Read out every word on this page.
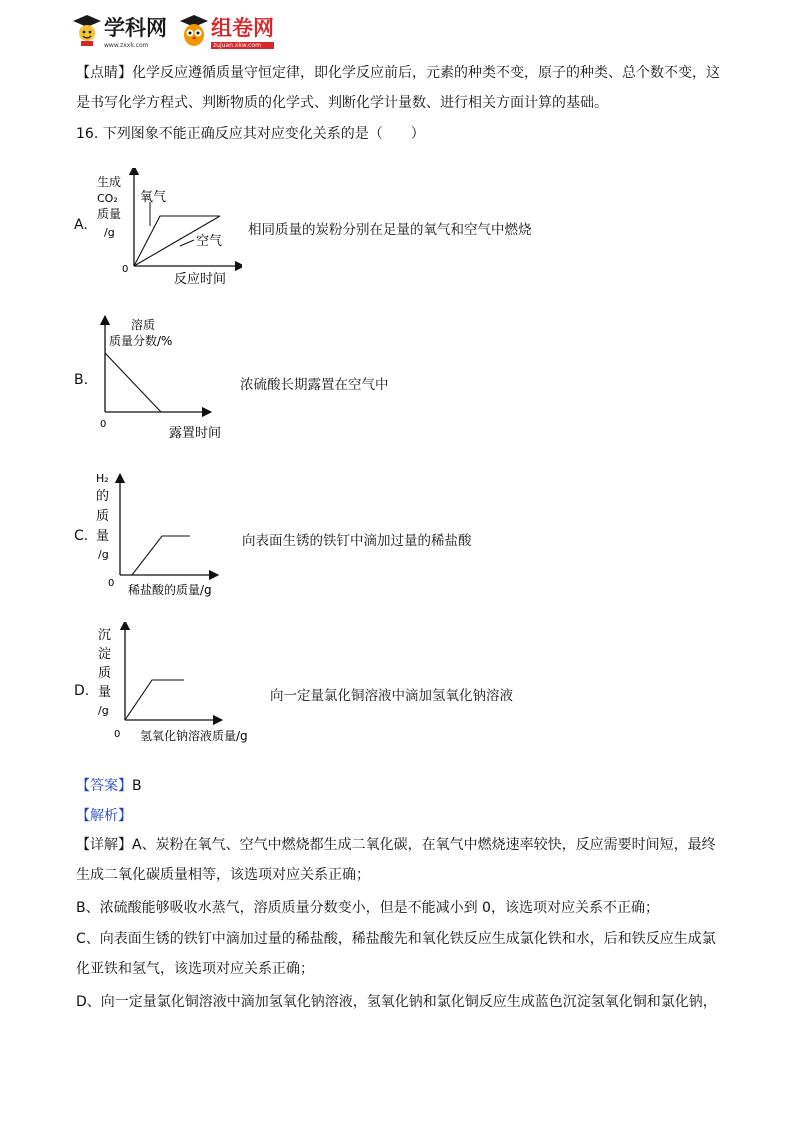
学科网
www.zxxk.com
组卷网
zujuan.xkw.com
【点睛】化学反应遵循质量守恒定律，即化学反应前后，元素的种类不变，原子的种类、总个数不变，这
是书写化学方程式、判断物质的化学式、判断化学计量数、进行相关方面计算的基础。
16. 下列图象不能正确反应其对应变化关系的是（　　）
A.
生成
CO₂
质量
/g
0
反应时间
氧气
空气
相同质量的炭粉分别在足量的氧气和空气中燃烧
B.
溶质
质量分数/%
0
露置时间
浓硫酸长期露置在空气中
C.
H₂
的
质
量
/g
0 稀盐酸的质量/g
向表面生锈的铁钉中滴加过量的稀盐酸
D.
沉
淀
质
量
/g
0 氢氧化钠溶液质量/g
向一定量氯化铜溶液中滴加氢氧化钠溶液
【答案】B
【解析】
【详解】A、炭粉在氧气、空气中燃烧都生成二氧化碳，在氧气中燃烧速率较快，反应需要时间短，最终
生成二氧化碳质量相等，该选项对应关系正确；
B、浓硫酸能够吸收水蒸气，溶质质量分数变小，但是不能减小到 0，该选项对应关系不正确；
C、向表面生锈的铁钉中滴加过量的稀盐酸，稀盐酸先和氧化铁反应生成氯化铁和水，后和铁反应生成氯
化亚铁和氢气，该选项对应关系正确；
D、向一定量氯化铜溶液中滴加氢氧化钠溶液，氢氧化钠和氯化铜反应生成蓝色沉淀氢氧化铜和氯化钠，
